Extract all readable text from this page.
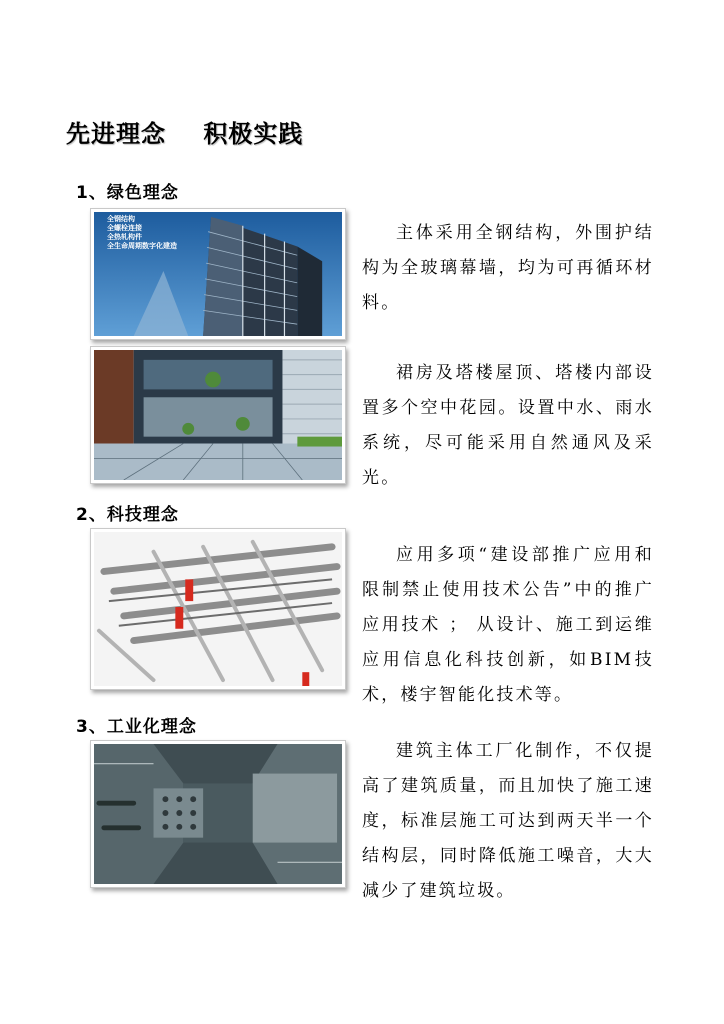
先进理念    积极实践
1、绿色理念
全钢结构
全螺栓连接
全热轧构件
全生命周期数字化建造
主体采用全钢结构，外围护结构为全玻璃幕墙，均为可再循环材料。
裙房及塔楼屋顶、塔楼内部设置多个空中花园。设置中水、雨水系统，尽可能采用自然通风及采光。
2、科技理念
应用多项“建设部推广应用和限制禁止使用技术公告”中的推广应用技术 ； 从设计、施工到运维应用信息化科技创新，如BIM技术，楼宇智能化技术等。
3、工业化理念
建筑主体工厂化制作，不仅提高了建筑质量，而且加快了施工速度，标准层施工可达到两天半一个结构层，同时降低施工噪音，大大减少了建筑垃圾。
